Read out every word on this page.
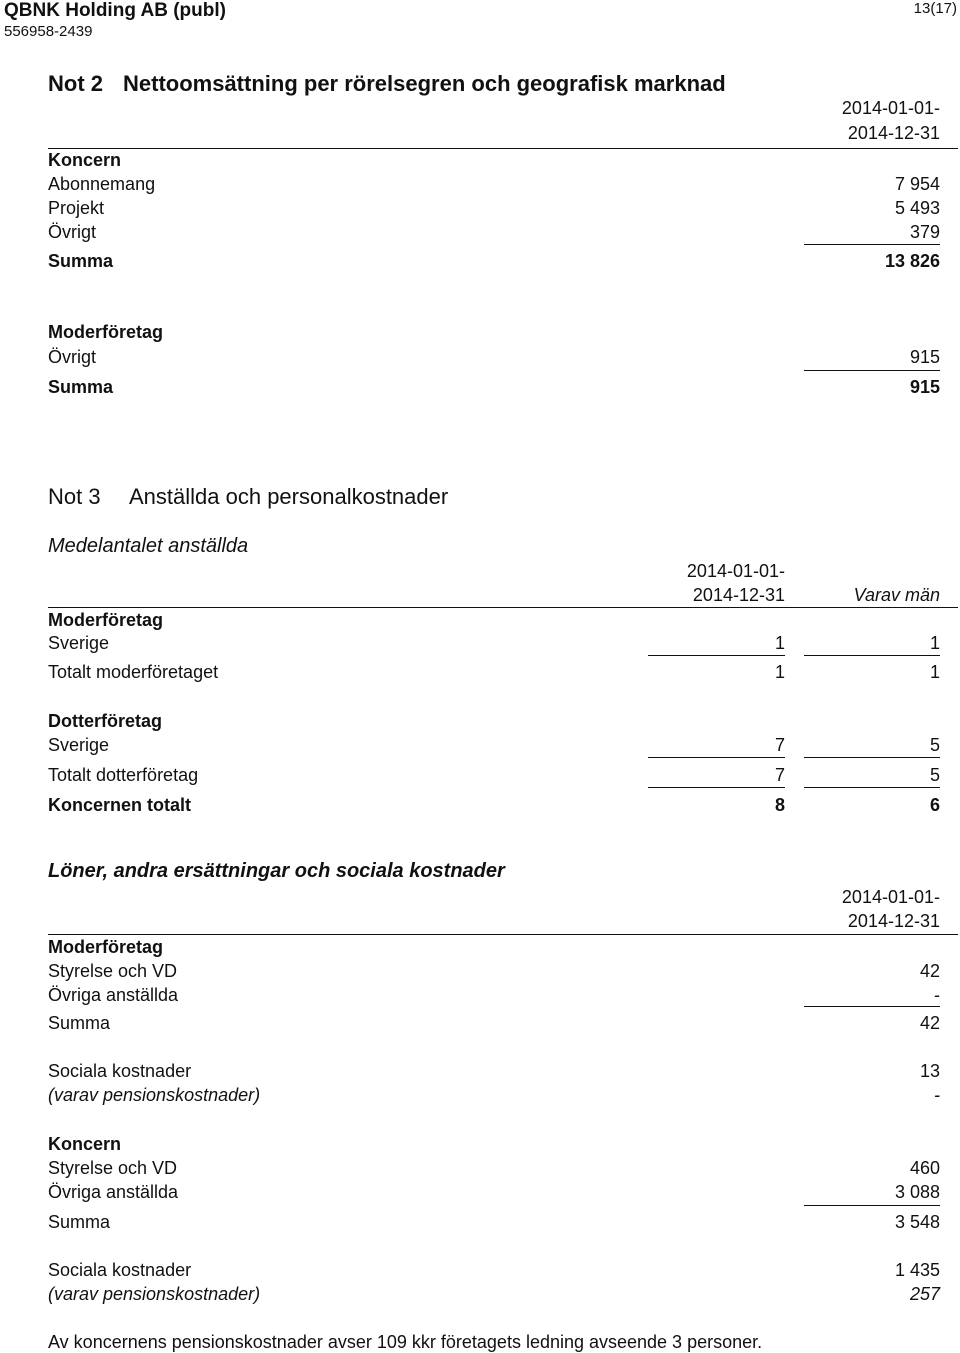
QBNK Holding AB (publ)
556958-2439
13(17)
Not 2 Nettoomsättning per rörelsegren och geografisk marknad
2014-01-01-
2014-12-31
Koncern
Abonnemang	7 954
Projekt	5 493
Övrigt	379
Summa	13 826
Moderföretag
Övrigt	915
Summa	915
Not 3 Anställda och personalkostnader
Medelantalet anställda
2014-01-01-
2014-12-31	Varav män
Moderföretag
Sverige	1	1
Totalt moderföretaget	1	1
Dotterföretag
Sverige	7	5
Totalt dotterföretag	7	5
Koncernen totalt	8	6
Löner, andra ersättningar och sociala kostnader
2014-01-01-
2014-12-31
Moderföretag
Styrelse och VD	42
Övriga anställda	-
Summa	42
Sociala kostnader	13
(varav pensionskostnader)	-
Koncern
Styrelse och VD	460
Övriga anställda	3 088
Summa	3 548
Sociala kostnader	1 435
(varav pensionskostnader)	257
Av koncernens pensionskostnader avser 109 kkr företagets ledning avseende 3 personer.
